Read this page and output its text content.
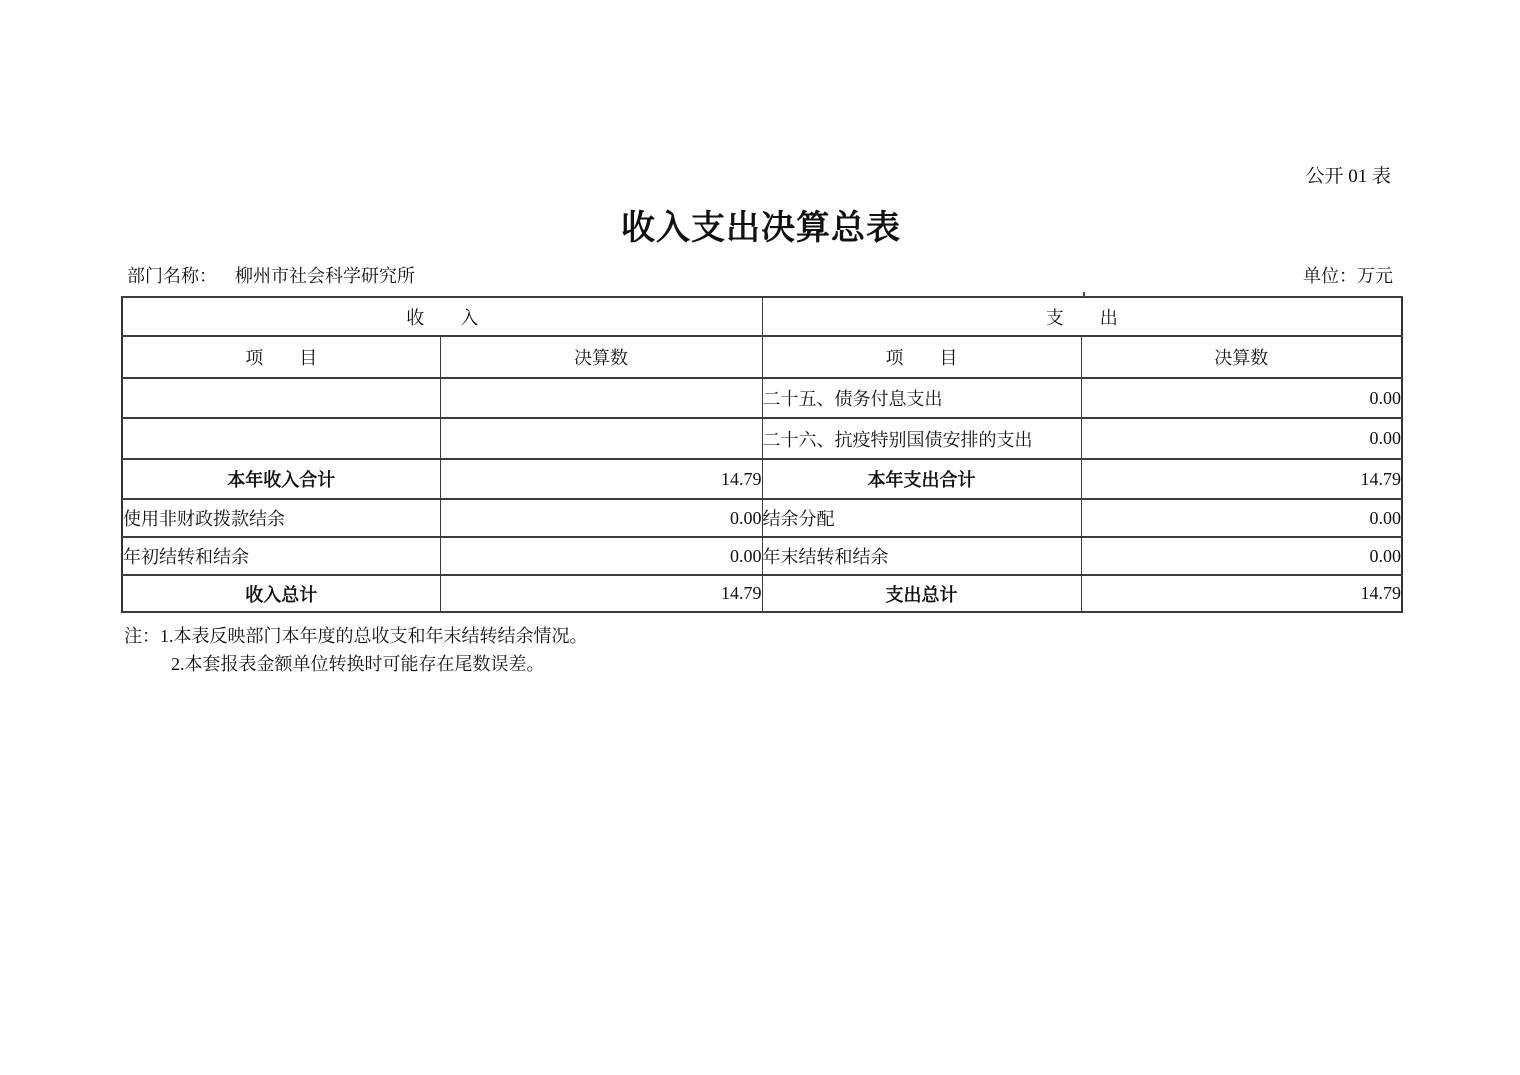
公开 01 表
收入支出决算总表
部门名称： 柳州市社会科学研究所	单位：万元
收　　入		支　　出	
项　　目	决算数	项　　目	决算数
		二十五、债务付息支出	0.00
		二十六、抗疫特别国债安排的支出	0.00
本年收入合计	14.79	本年支出合计	14.79
使用非财政拨款结余	0.00	结余分配	0.00
年初结转和结余	0.00	年末结转和结余	0.00
收入总计	14.79	支出总计	14.79
注：1.本表反映部门本年度的总收支和年末结转结余情况。
2.本套报表金额单位转换时可能存在尾数误差。
